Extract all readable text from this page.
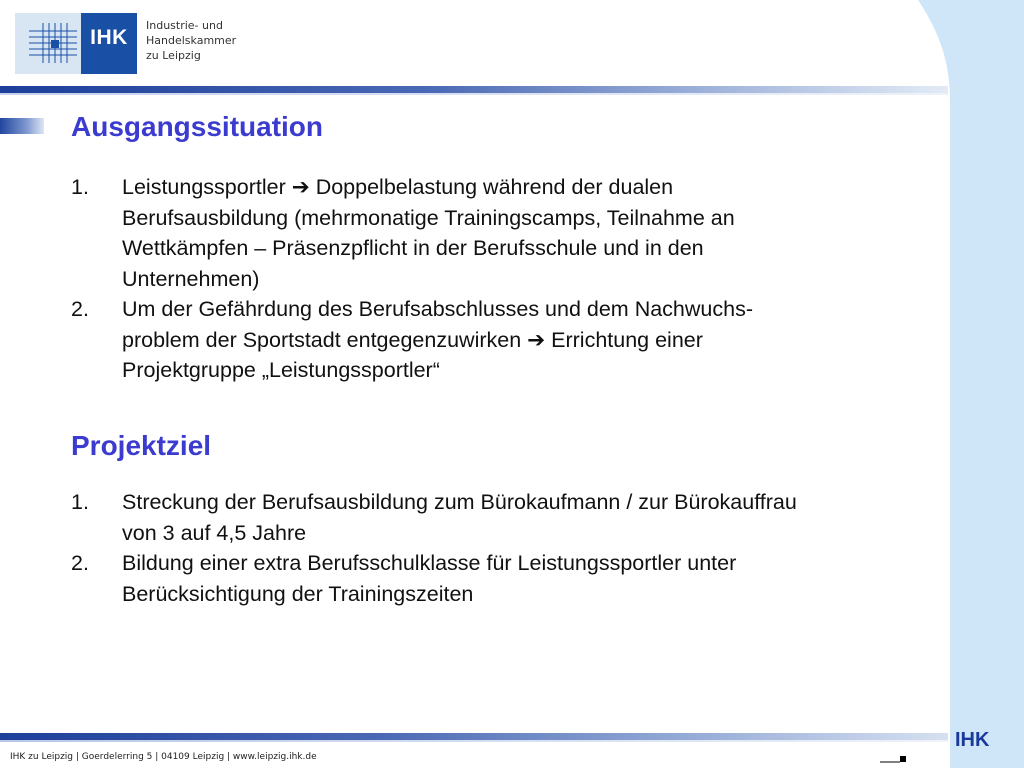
IHK
Industrie- und Handelskammer
zu Leipzig
Ausgangssituation
1. Leistungssportler ➔ Doppelbelastung während der dualen
Berufsausbildung (mehrmonatige Trainingscamps, Teilnahme an
Wettkämpfen – Präsenzpflicht in der Berufsschule und in den
Unternehmen)
2. Um der Gefährdung des Berufsabschlusses und dem Nachwuchs-
problem der Sportstadt entgegenzuwirken ➔ Errichtung einer
Projektgruppe „Leistungssportler“
Projektziel
1. Streckung der Berufsausbildung zum Bürokaufmann / zur Bürokauffrau
von 3 auf 4,5 Jahre
2. Bildung einer extra Berufsschulklasse für Leistungssportler unter
Berücksichtigung der Trainingszeiten
IHK zu Leipzig | Goerdelerring 5 | 04109 Leipzig | www.leipzig.ihk.de
IHK
